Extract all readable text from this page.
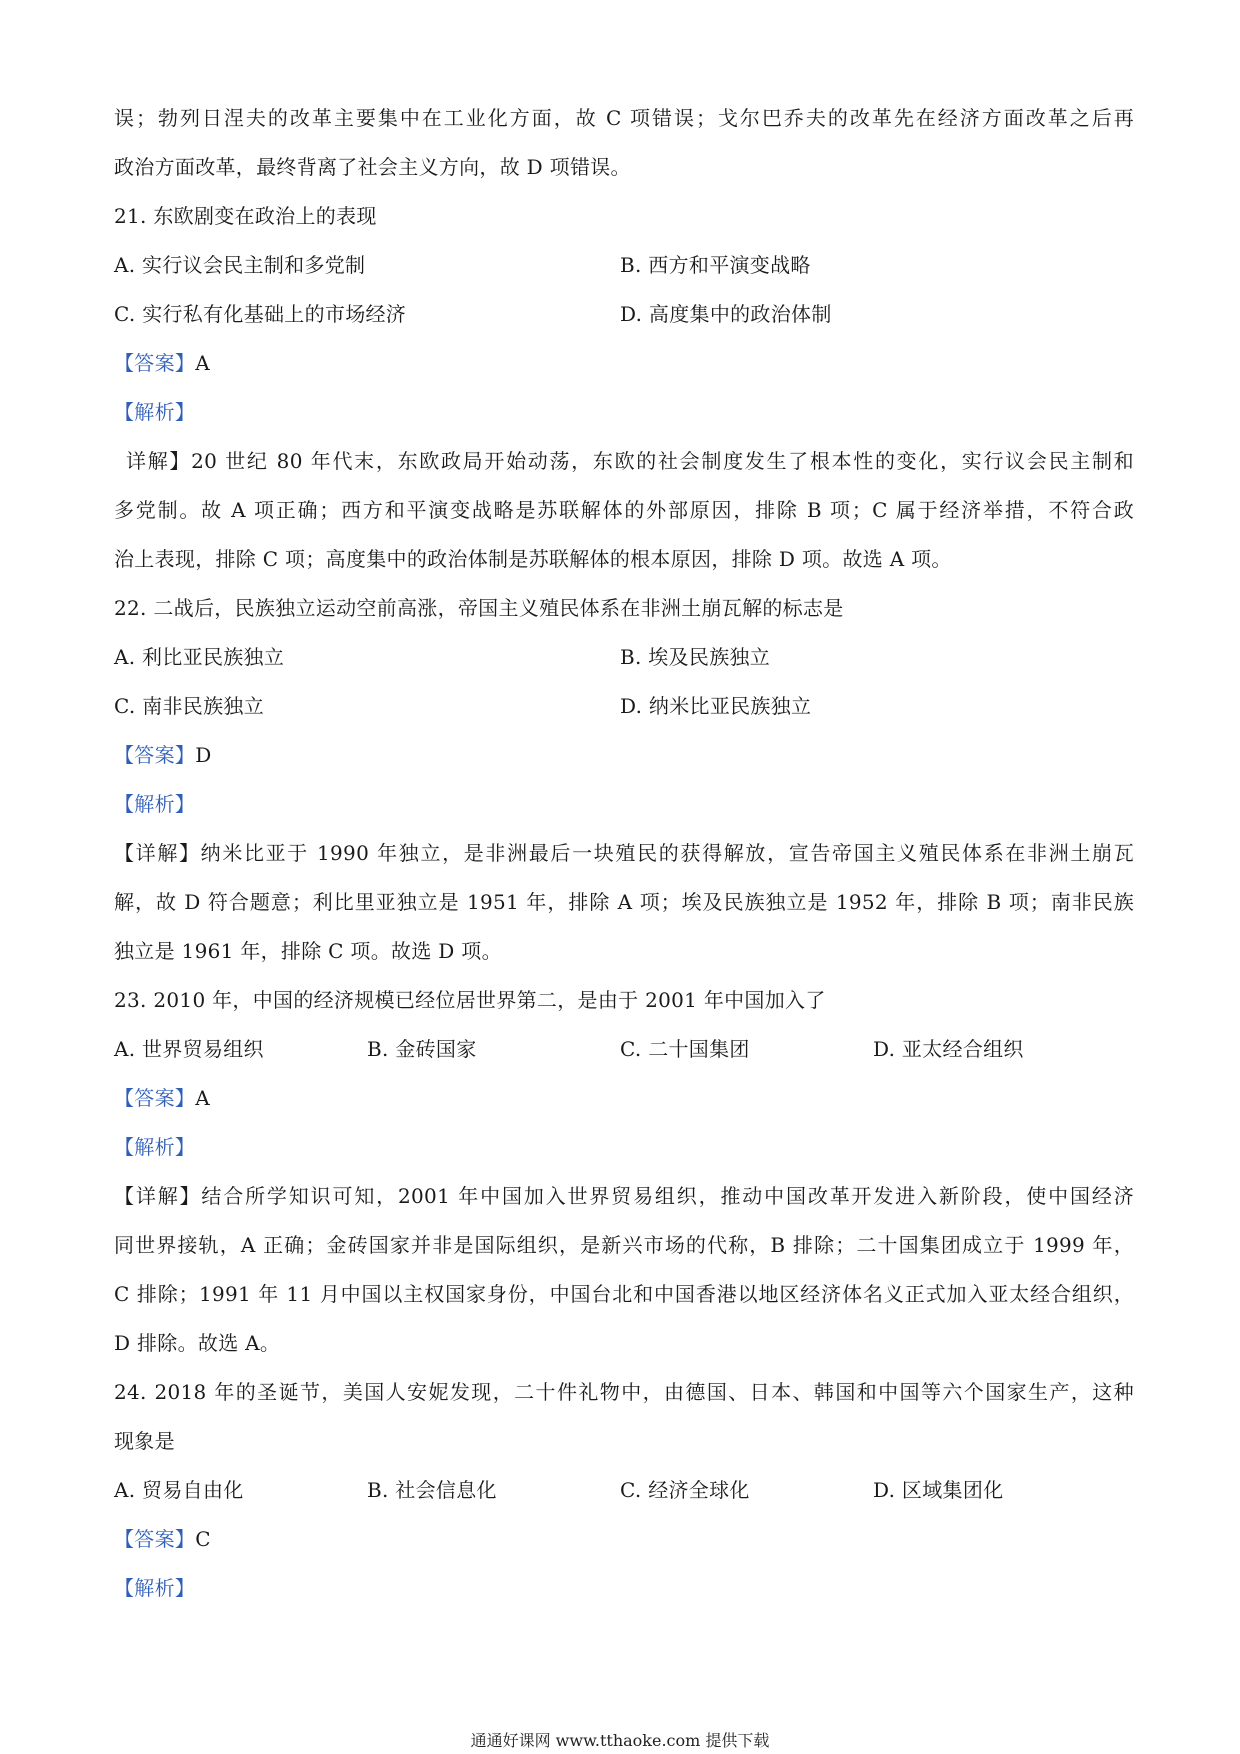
误；勃列日涅夫的改革主要集中在工业化方面，故 C 项错误；戈尔巴乔夫的改革先在经济方面改革之后再
政治方面改革，最终背离了社会主义方向，故 D 项错误。
21. 东欧剧变在政治上的表现
A. 实行议会民主制和多党制	B. 西方和平演变战略
C. 实行私有化基础上的市场经济	D. 高度集中的政治体制
【答案】A
【解析】
详解】20 世纪 80 年代末，东欧政局开始动荡，东欧的社会制度发生了根本性的变化，实行议会民主制和
多党制。故 A 项正确；西方和平演变战略是苏联解体的外部原因，排除 B 项；C 属于经济举措，不符合政
治上表现，排除 C 项；高度集中的政治体制是苏联解体的根本原因，排除 D 项。故选 A 项。
22. 二战后，民族独立运动空前高涨，帝国主义殖民体系在非洲土崩瓦解的标志是
A. 利比亚民族独立	B. 埃及民族独立
C. 南非民族独立	D. 纳米比亚民族独立
【答案】D
【解析】
【详解】纳米比亚于 1990 年独立，是非洲最后一块殖民的获得解放，宣告帝国主义殖民体系在非洲土崩瓦
解，故 D 符合题意；利比里亚独立是 1951 年，排除 A 项；埃及民族独立是 1952 年，排除 B 项；南非民族
独立是 1961 年，排除 C 项。故选 D 项。
23. 2010 年，中国的经济规模已经位居世界第二，是由于 2001 年中国加入了
A. 世界贸易组织	B. 金砖国家	C. 二十国集团	D. 亚太经合组织
【答案】A
【解析】
【详解】结合所学知识可知，2001 年中国加入世界贸易组织，推动中国改革开发进入新阶段，使中国经济
同世界接轨，A 正确；金砖国家并非是国际组织，是新兴市场的代称，B 排除；二十国集团成立于 1999 年，
C 排除；1991 年 11 月中国以主权国家身份，中国台北和中国香港以地区经济体名义正式加入亚太经合组织，
D 排除。故选 A。
24. 2018 年的圣诞节，美国人安妮发现，二十件礼物中，由德国、日本、韩国和中国等六个国家生产，这种
现象是
A. 贸易自由化	B. 社会信息化	C. 经济全球化	D. 区域集团化
【答案】C
【解析】
通通好课网 www.tthaoke.com 提供下载
